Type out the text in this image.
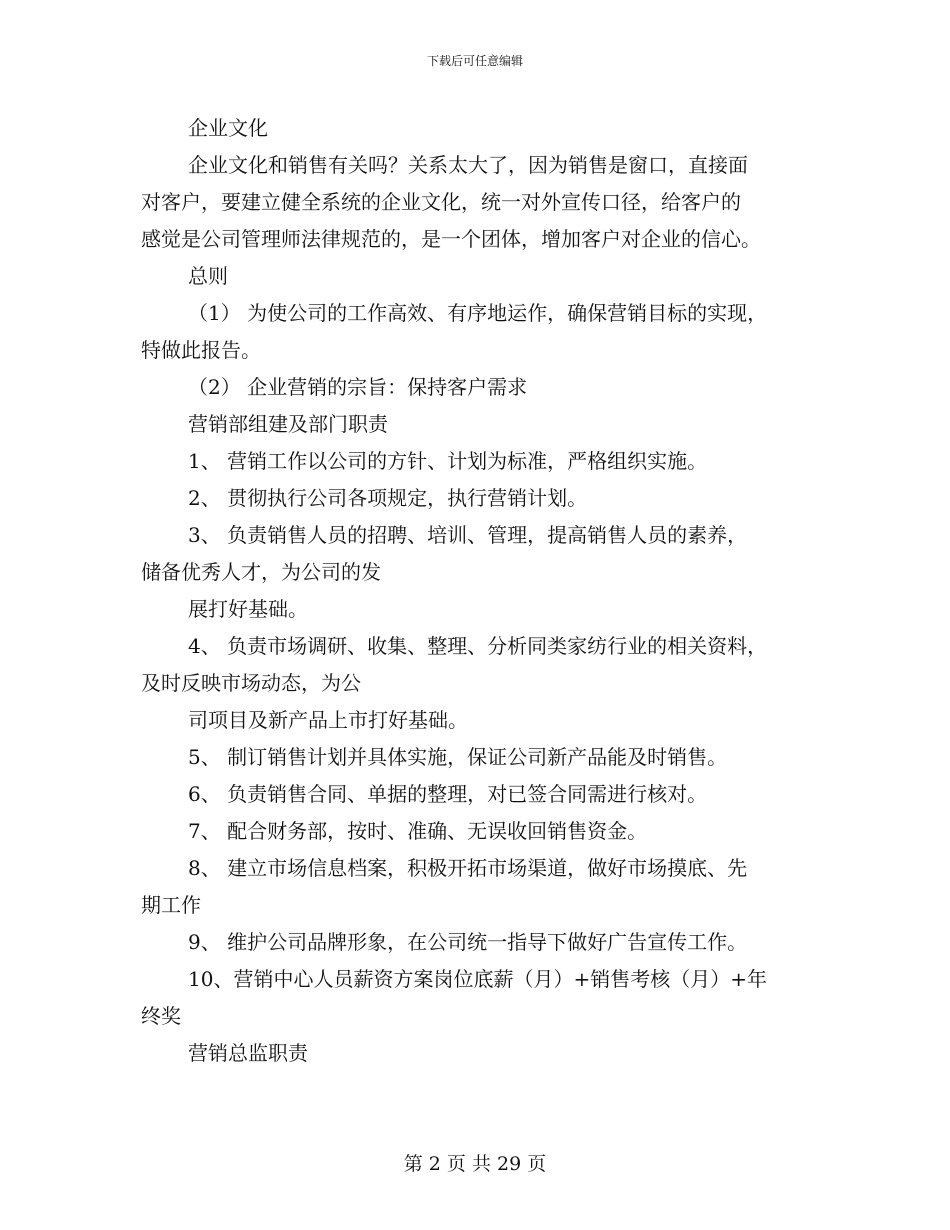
下载后可任意编辑
企业文化
企业文化和销售有关吗？关系太大了，因为销售是窗口，直接面
对客户，要建立健全系统的企业文化，统一对外宣传口径，给客户的
感觉是公司管理师法律规范的，是一个团体，增加客户对企业的信心。
总则
（1） 为使公司的工作高效、有序地运作，确保营销目标的实现，
特做此报告。
（2） 企业营销的宗旨：保持客户需求
营销部组建及部门职责
1、 营销工作以公司的方针、计划为标准，严格组织实施。
2、 贯彻执行公司各项规定，执行营销计划。
3、 负责销售人员的招聘、培训、管理，提高销售人员的素养，
储备优秀人才，为公司的发
展打好基础。
4、 负责市场调研、收集、整理、分析同类家纺行业的相关资料，
及时反映市场动态，为公
司项目及新产品上市打好基础。
5、 制订销售计划并具体实施，保证公司新产品能及时销售。
6、 负责销售合同、单据的整理，对已签合同需进行核对。
7、 配合财务部，按时、准确、无误收回销售资金。
8、 建立市场信息档案，积极开拓市场渠道，做好市场摸底、先
期工作
9、 维护公司品牌形象，在公司统一指导下做好广告宣传工作。
10、营销中心人员薪资方案岗位底薪（月）+销售考核（月）+年
终奖
营销总监职责
第 2 页 共 29 页
